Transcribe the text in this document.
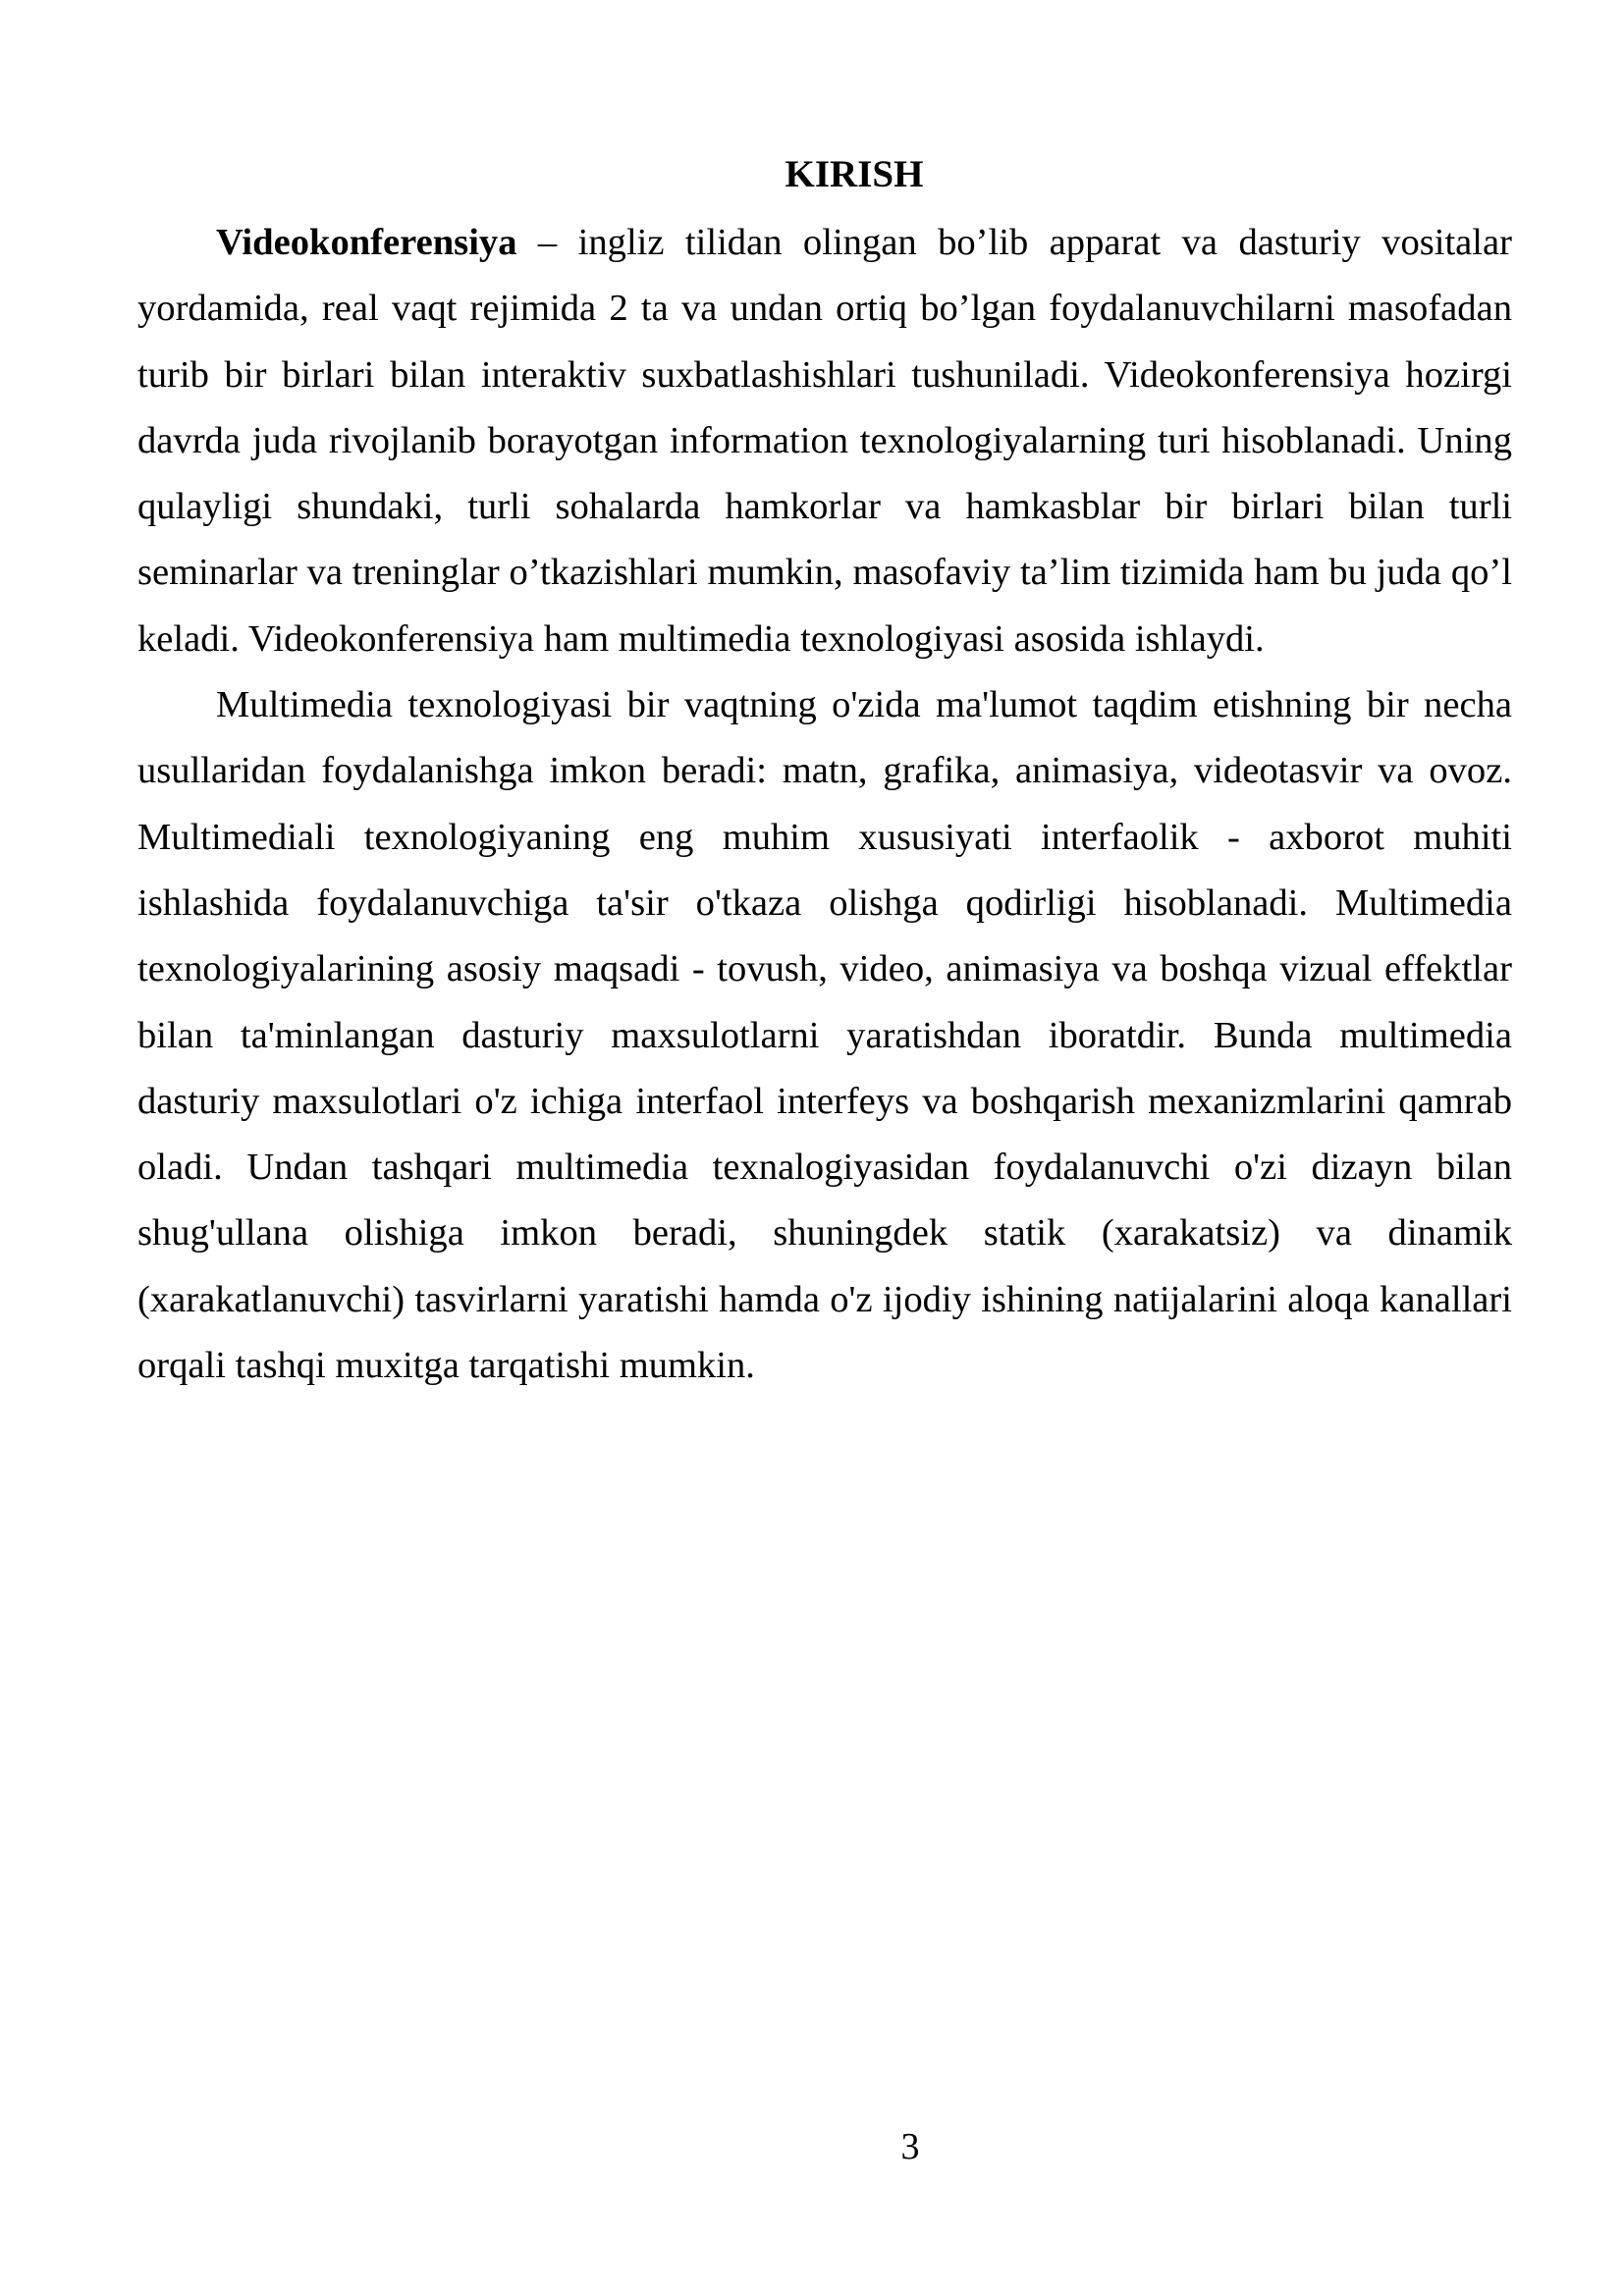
KIRISH

Videokonferensiya – ingliz tilidan olingan bo’lib apparat va dasturiy vositalar yordamida, real vaqt rejimida 2 ta va undan ortiq bo’lgan foydalanuvchilarni masofadan turib bir birlari bilan interaktiv suxbatlashishlari tushuniladi. Videokonferensiya hozirgi davrda juda rivojlanib borayotgan information texnologiyalarning turi hisoblanadi. Uning qulayligi shundaki, turli sohalarda hamkorlar va hamkasblar bir birlari bilan turli seminarlar va treninglar o’tkazishlari mumkin, masofaviy ta’lim tizimida ham bu juda qo’l keladi. Videokonferensiya ham multimedia texnologiyasi asosida ishlaydi.

Multimedia texnologiyasi bir vaqtning o'zida ma'lumot taqdim etishning bir necha usullaridan foydalanishga imkon beradi: matn, grafika, animasiya, videotasvir va ovoz. Multimediali texnologiyaning eng muhim xususiyati interfaolik - axborot muhiti ishlashida foydalanuvchiga ta'sir o'tkaza olishga qodirligi hisoblanadi. Multimedia texnologiyalarining asosiy maqsadi - tovush, video, animasiya va boshqa vizual effektlar bilan ta'minlangan dasturiy maxsulotlarni yaratishdan iboratdir. Bunda multimedia dasturiy maxsulotlari o'z ichiga interfaol interfeys va boshqarish mexanizmlarini qamrab oladi. Undan tashqari multimedia texnalogiyasidan foydalanuvchi o'zi dizayn bilan shug'ullana olishiga imkon beradi, shuningdek statik (xarakatsiz) va dinamik (xarakatlanuvchi) tasvirlarni yaratishi hamda o'z ijodiy ishining natijalarini aloqa kanallari orqali tashqi muxitga tarqatishi mumkin.

3
